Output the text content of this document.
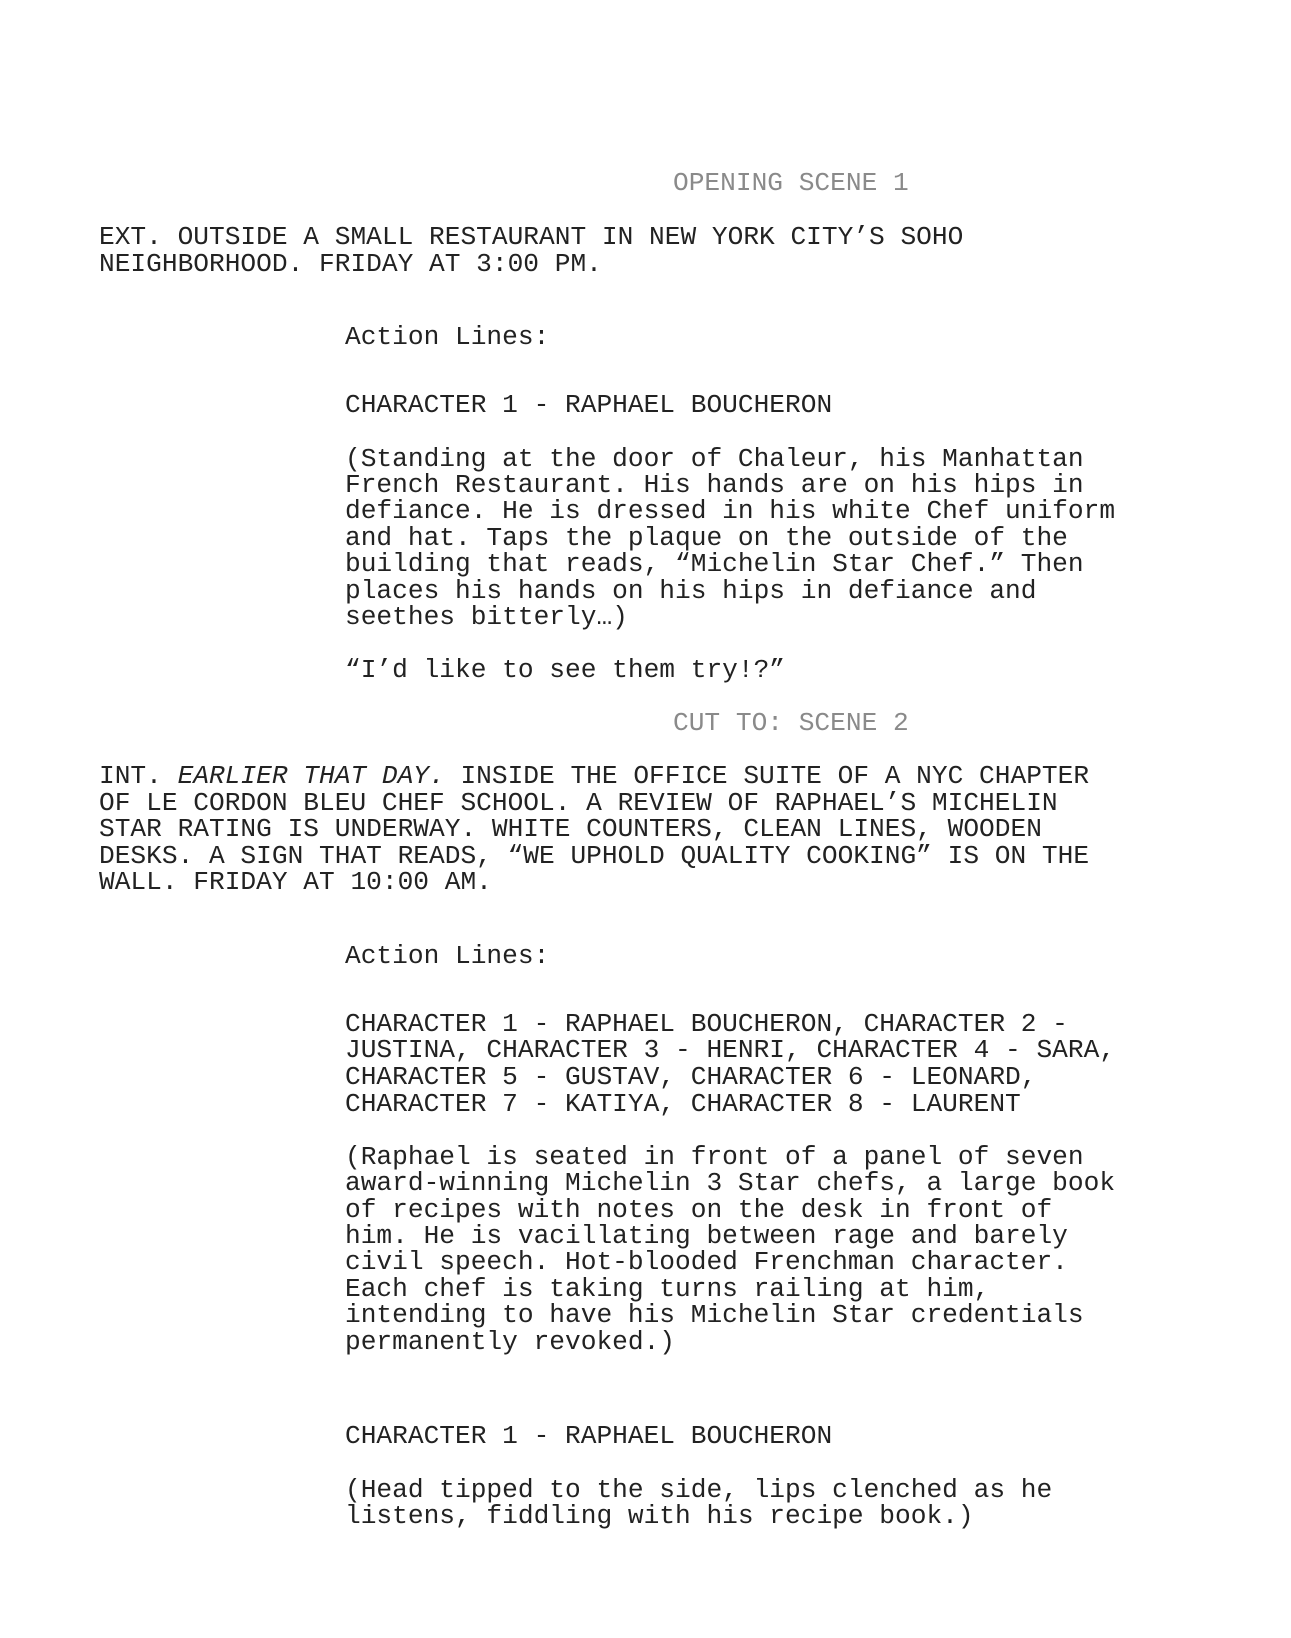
OPENING SCENE 1
EXT. OUTSIDE A SMALL RESTAURANT IN NEW YORK CITY’S SOHO
NEIGHBORHOOD. FRIDAY AT 3:00 PM.
Action Lines:
CHARACTER 1 - RAPHAEL BOUCHERON
(Standing at the door of Chaleur, his Manhattan
French Restaurant. His hands are on his hips in
defiance. He is dressed in his white Chef uniform
and hat. Taps the plaque on the outside of the
building that reads, “Michelin Star Chef.” Then
places his hands on his hips in defiance and
seethes bitterly…)
“I’d like to see them try!?”
CUT TO: SCENE 2
INT. EARLIER THAT DAY. INSIDE THE OFFICE SUITE OF A NYC CHAPTER
OF LE CORDON BLEU CHEF SCHOOL. A REVIEW OF RAPHAEL’S MICHELIN
STAR RATING IS UNDERWAY. WHITE COUNTERS, CLEAN LINES, WOODEN
DESKS. A SIGN THAT READS, “WE UPHOLD QUALITY COOKING” IS ON THE
WALL. FRIDAY AT 10:00 AM.
Action Lines:
CHARACTER 1 - RAPHAEL BOUCHERON, CHARACTER 2 -
JUSTINA, CHARACTER 3 - HENRI, CHARACTER 4 - SARA,
CHARACTER 5 - GUSTAV, CHARACTER 6 - LEONARD,
CHARACTER 7 - KATIYA, CHARACTER 8 - LAURENT
(Raphael is seated in front of a panel of seven
award-winning Michelin 3 Star chefs, a large book
of recipes with notes on the desk in front of
him. He is vacillating between rage and barely
civil speech. Hot-blooded Frenchman character.
Each chef is taking turns railing at him,
intending to have his Michelin Star credentials
permanently revoked.)
CHARACTER 1 - RAPHAEL BOUCHERON
(Head tipped to the side, lips clenched as he
listens, fiddling with his recipe book.)
